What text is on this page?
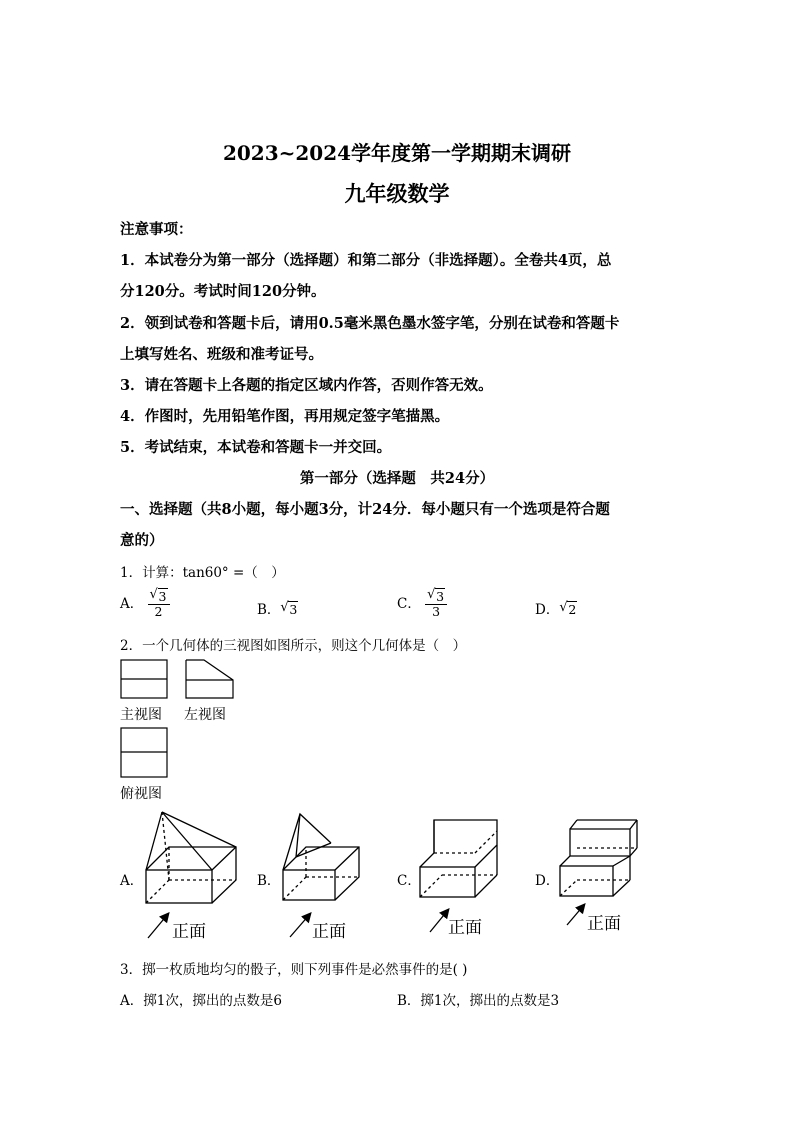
2023~2024学年度第一学期期末调研
九年级数学
注意事项：
1．本试卷分为第一部分（选择题）和第二部分（非选择题）。全卷共4页，总
分120分。考试时间120分钟。
2．领到试卷和答题卡后，请用0.5毫米黑色墨水签字笔，分别在试卷和答题卡
上填写姓名、班级和准考证号。
3．请在答题卡上各题的指定区域内作答，否则作答无效。
4．作图时，先用铅笔作图，再用规定签字笔描黑。
5．考试结束，本试卷和答题卡一并交回。
第一部分（选择题　共24分）
一、选择题（共8小题，每小题3分，计24分．每小题只有一个选项是符合题
意的）
1．计算：tan60° =（　）
A． √ $\frac{3}{2}$	B． √ 3	C． √ $\frac{3}{3}$	D． √ 2
2．一个几何体的三视图如图所示，则这个几何体是（　）
主视图 左视图
俯视图
A．	B．	C．	D．
正面	正面	正面	正面
3．掷一枚质地均匀的骰子，则下列事件是必然事件的是( )
A．掷1次，掷出的点数是6	B．掷1次，掷出的点数是3
